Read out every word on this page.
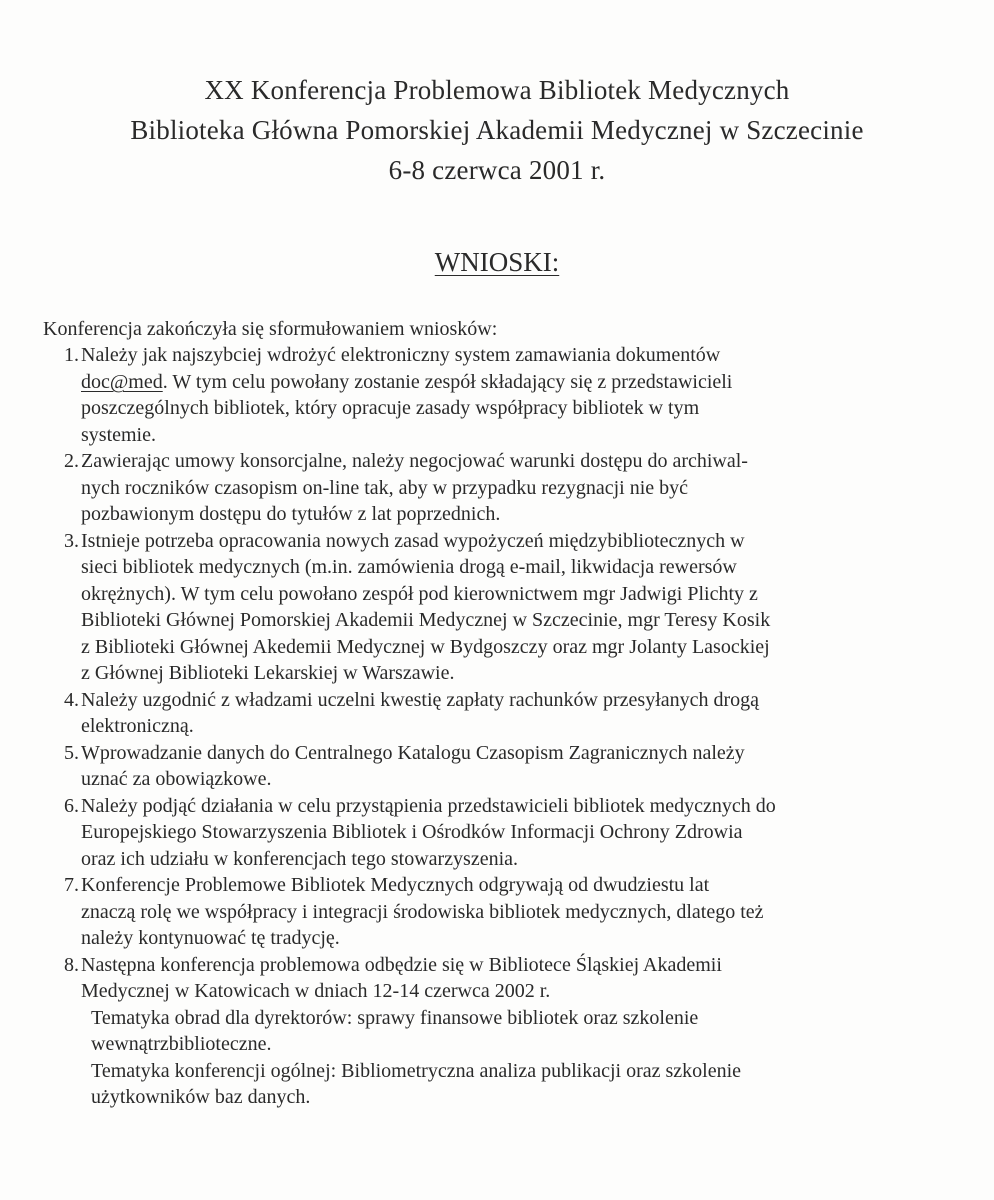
XX Konferencja Problemowa Bibliotek Medycznych
Biblioteka Główna Pomorskiej Akademii Medycznej w Szczecinie
6-8 czerwca 2001 r.
WNIOSKI:
Konferencja zakończyła się sformułowaniem wniosków:
1. Należy jak najszybciej wdrożyć elektroniczny system zamawiania dokumentów
doc@med. W tym celu powołany zostanie zespół składający się z przedstawicieli
poszczególnych bibliotek, który opracuje zasady współpracy bibliotek w tym
systemie.
2. Zawierając umowy konsorcjalne, należy negocjować warunki dostępu do archiwal-
nych roczników czasopism on-line tak, aby w przypadku rezygnacji nie być
pozbawionym dostępu do tytułów z lat poprzednich.
3. Istnieje potrzeba opracowania nowych zasad wypożyczeń międzybibliotecznych w
sieci bibliotek medycznych (m.in. zamówienia drogą e-mail, likwidacja rewersów
okrężnych). W tym celu powołano zespół pod kierownictwem mgr Jadwigi Plichty z
Biblioteki Głównej Pomorskiej Akademii Medycznej w Szczecinie, mgr Teresy Kosik
z Biblioteki Głównej Akedemii Medycznej w Bydgoszczy oraz mgr Jolanty Lasockiej
z Głównej Biblioteki Lekarskiej w Warszawie.
4. Należy uzgodnić z władzami uczelni kwestię zapłaty rachunków przesyłanych drogą
elektroniczną.
5. Wprowadzanie danych do Centralnego Katalogu Czasopism Zagranicznych należy
uznać za obowiązkowe.
6. Należy podjąć działania w celu przystąpienia przedstawicieli bibliotek medycznych do
Europejskiego Stowarzyszenia Bibliotek i Ośrodków Informacji Ochrony Zdrowia
oraz ich udziału w konferencjach tego stowarzyszenia.
7. Konferencje Problemowe Bibliotek Medycznych odgrywają od dwudziestu lat
znaczą rolę we współpracy i integracji środowiska bibliotek medycznych, dlatego też
należy kontynuować tę tradycję.
8. Następna konferencja problemowa odbędzie się w Bibliotece Śląskiej Akademii
Medycznej w Katowicach w dniach 12-14 czerwca 2002 r.
Tematyka obrad dla dyrektorów: sprawy finansowe bibliotek oraz szkolenie
wewnątrzbiblioteczne.
Tematyka konferencji ogólnej: Bibliometryczna analiza publikacji oraz szkolenie
użytkowników baz danych.
